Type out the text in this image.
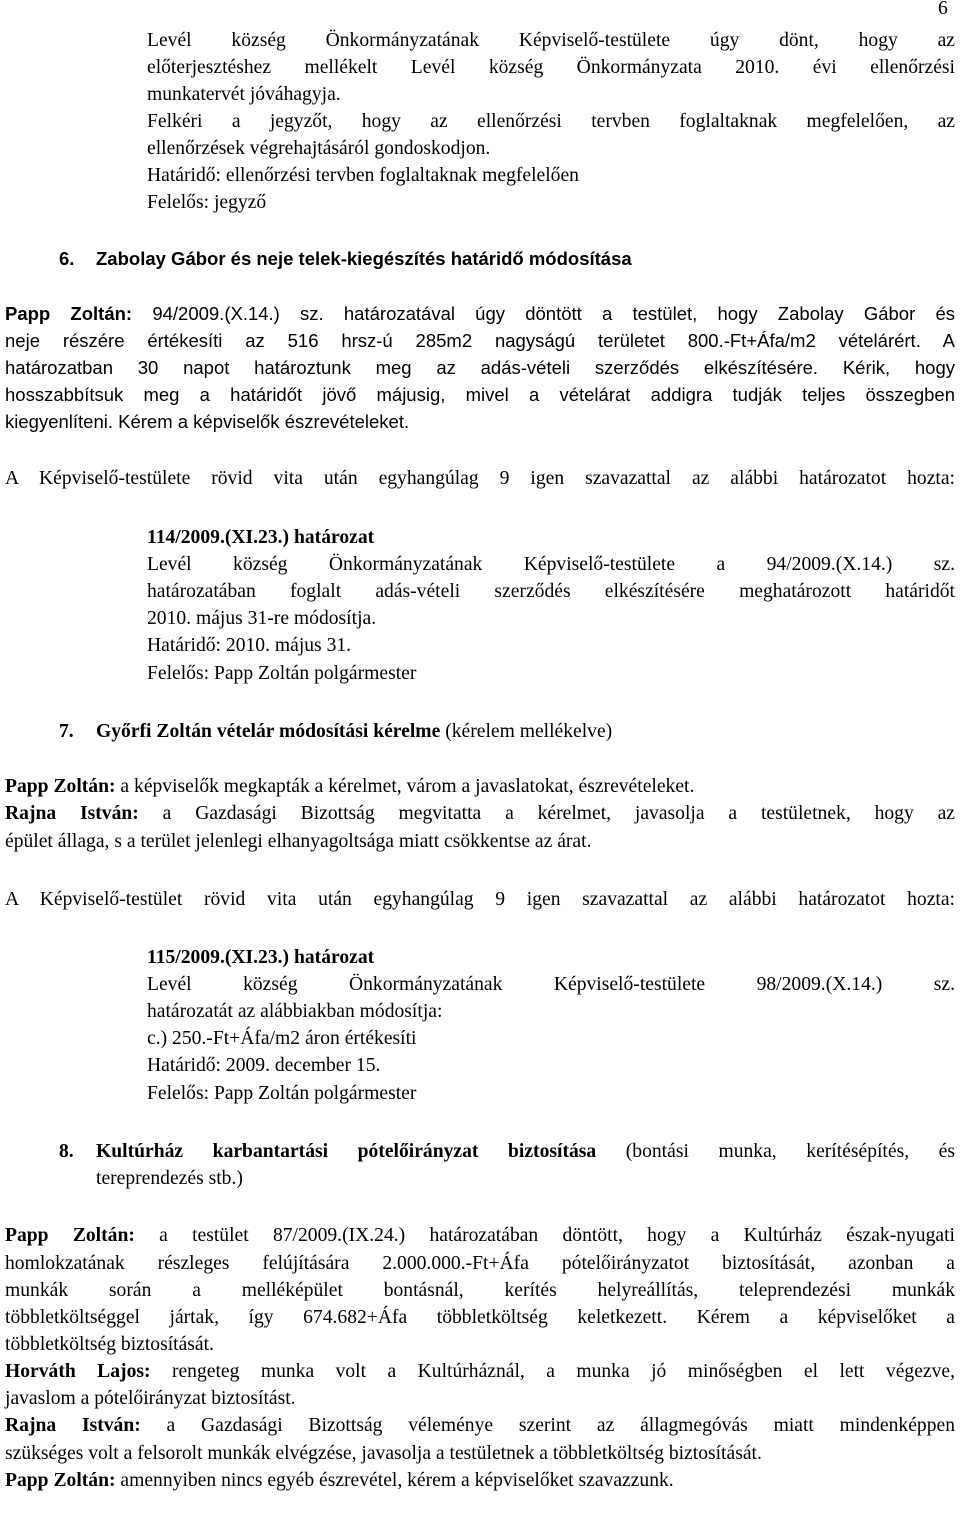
6
Levél község Önkormányzatának Képviselő-testülete úgy dönt, hogy az
előterjesztéshez mellékelt Levél község Önkormányzata 2010. évi ellenőrzési
munkatervét jóváhagyja.
Felkéri a jegyzőt, hogy az ellenőrzési tervben foglaltaknak megfelelően, az
ellenőrzések végrehajtásáról gondoskodjon.
Határidő: ellenőrzési tervben foglaltaknak megfelelően
Felelős: jegyző
6. Zabolay Gábor és neje telek-kiegészítés határidő módosítása
Papp Zoltán: 94/2009.(X.14.) sz. határozatával úgy döntött a testület, hogy Zabolay Gábor és
neje részére értékesíti az 516 hrsz-ú 285m2 nagyságú területet 800.-Ft+Áfa/m2 vételárért. A
határozatban 30 napot határoztunk meg az adás-vételi szerződés elkészítésére. Kérik, hogy
hosszabbítsuk meg a határidőt jövő májusig, mivel a vételárat addigra tudják teljes összegben
kiegyenlíteni. Kérem a képviselők észrevételeket.
A Képviselő-testülete rövid vita után egyhangúlag 9 igen szavazattal az alábbi határozatot hozta:
114/2009.(XI.23.) határozat
Levél község Önkormányzatának Képviselő-testülete a 94/2009.(X.14.) sz.
határozatában foglalt adás-vételi szerződés elkészítésére meghatározott határidőt
2010. május 31-re módosítja.
Határidő: 2010. május 31.
Felelős: Papp Zoltán polgármester
7. Győrfi Zoltán vételár módosítási kérelme (kérelem mellékelve)
Papp Zoltán: a képviselők megkapták a kérelmet, várom a javaslatokat, észrevételeket.
Rajna István: a Gazdasági Bizottság megvitatta a kérelmet, javasolja a testületnek, hogy az
épület állaga, s a terület jelenlegi elhanyagoltsága miatt csökkentse az árat.
A Képviselő-testület rövid vita után egyhangúlag 9 igen szavazattal az alábbi határozatot hozta:
115/2009.(XI.23.) határozat
Levél község Önkormányzatának Képviselő-testülete 98/2009.(X.14.) sz.
határozatát az alábbiakban módosítja:
c.) 250.-Ft+Áfa/m2 áron értékesíti
Határidő: 2009. december 15.
Felelős: Papp Zoltán polgármester
8. Kultúrház karbantartási pótelőirányzat biztosítása (bontási munka, kerítésépítés, és
tereprendezés stb.)
Papp Zoltán: a testület 87/2009.(IX.24.) határozatában döntött, hogy a Kultúrház észak-nyugati
homlokzatának részleges felújítására 2.000.000.-Ft+Áfa pótelőirányzatot biztosítását, azonban a
munkák során a melléképület bontásnál, kerítés helyreállítás, teleprendezési munkák
többletköltséggel jártak, így 674.682+Áfa többletköltség keletkezett. Kérem a képviselőket a
többletköltség biztosítását.
Horváth Lajos: rengeteg munka volt a Kultúrháznál, a munka jó minőségben el lett végezve,
javaslom a pótelőirányzat biztosítást.
Rajna István: a Gazdasági Bizottság véleménye szerint az állagmegóvás miatt mindenképpen
szükséges volt a felsorolt munkák elvégzése, javasolja a testületnek a többletköltség biztosítását.
Papp Zoltán: amennyiben nincs egyéb észrevétel, kérem a képviselőket szavazzunk.
